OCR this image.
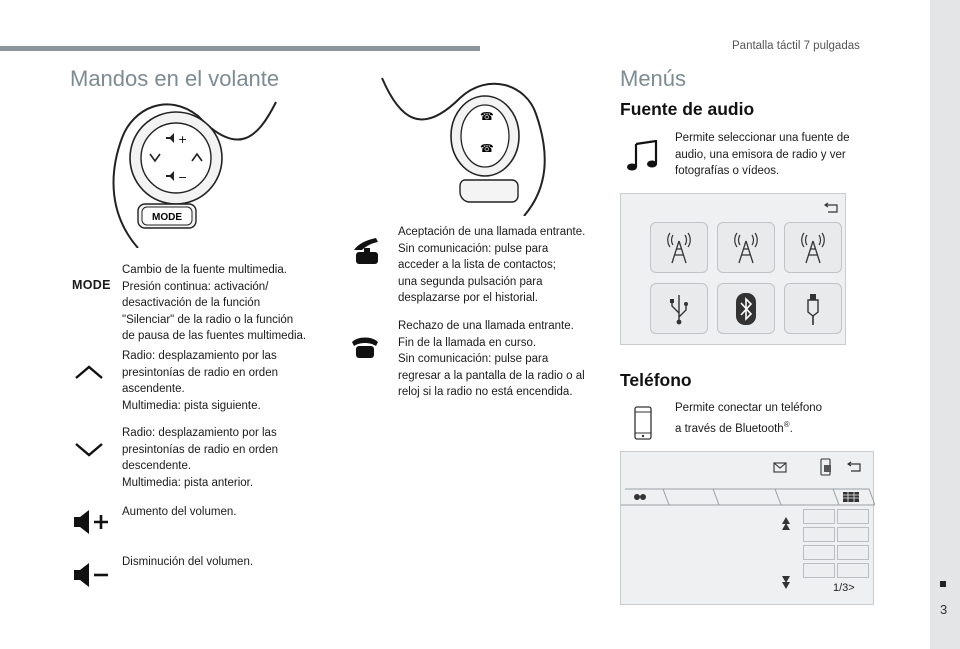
Pantalla táctil 7 pulgadas
3
Mandos en el volante
+
−
MODE
MODE
Cambio de la fuente multimedia.
Presión continua: activación/
desactivación de la función
"Silenciar" de la radio o la función
de pausa de las fuentes multimedia.
Radio: desplazamiento por las
presintonías de radio en orden
ascendente.
Multimedia: pista siguiente.
Radio: desplazamiento por las
presintonías de radio en orden
descendente.
Multimedia: pista anterior.
Aumento del volumen.
Disminución del volumen.
☎
☎
Aceptación de una llamada entrante.
Sin comunicación: pulse para
acceder a la lista de contactos;
una segunda pulsación para
desplazarse por el historial.
Rechazo de una llamada entrante.
Fin de la llamada en curso.
Sin comunicación: pulse para
regresar a la pantalla de la radio o al
reloj si la radio no está encendida.
Menús
Fuente de audio
Permite seleccionar una fuente de
audio, una emisora de radio y ver
fotografías o vídeos.
Teléfono
Permite conectar un teléfono
a través de Bluetooth®.
1/3>
